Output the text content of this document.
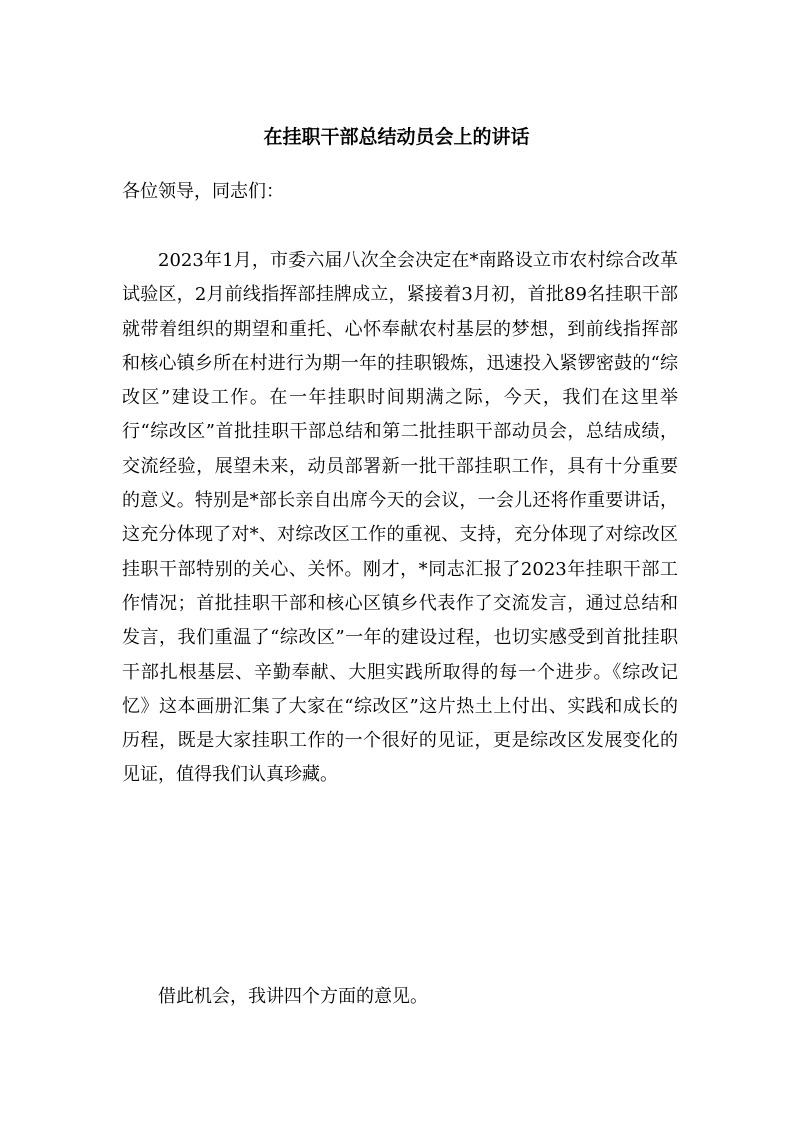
在挂职干部总结动员会上的讲话

各位领导，同志们：

2023年1月，市委六届八次全会决定在*南路设立市农村综合改革试验区，2月前线指挥部挂牌成立，紧接着3月初，首批89名挂职干部就带着组织的期望和重托、心怀奉献农村基层的梦想，到前线指挥部和核心镇乡所在村进行为期一年的挂职锻炼，迅速投入紧锣密鼓的“综改区”建设工作。在一年挂职时间期满之际，今天，我们在这里举行“综改区”首批挂职干部总结和第二批挂职干部动员会，总结成绩，交流经验，展望未来，动员部署新一批干部挂职工作，具有十分重要的意义。特别是*部长亲自出席今天的会议，一会儿还将作重要讲话，这充分体现了对*、对综改区工作的重视、支持，充分体现了对综改区挂职干部特别的关心、关怀。刚才，*同志汇报了2023年挂职干部工作情况；首批挂职干部和核心区镇乡代表作了交流发言，通过总结和发言，我们重温了“综改区”一年的建设过程，也切实感受到首批挂职干部扎根基层、辛勤奉献、大胆实践所取得的每一个进步。《综改记忆》这本画册汇集了大家在“综改区”这片热土上付出、实践和成长的历程，既是大家挂职工作的一个很好的见证，更是综改区发展变化的见证，值得我们认真珍藏。

借此机会，我讲四个方面的意见。
